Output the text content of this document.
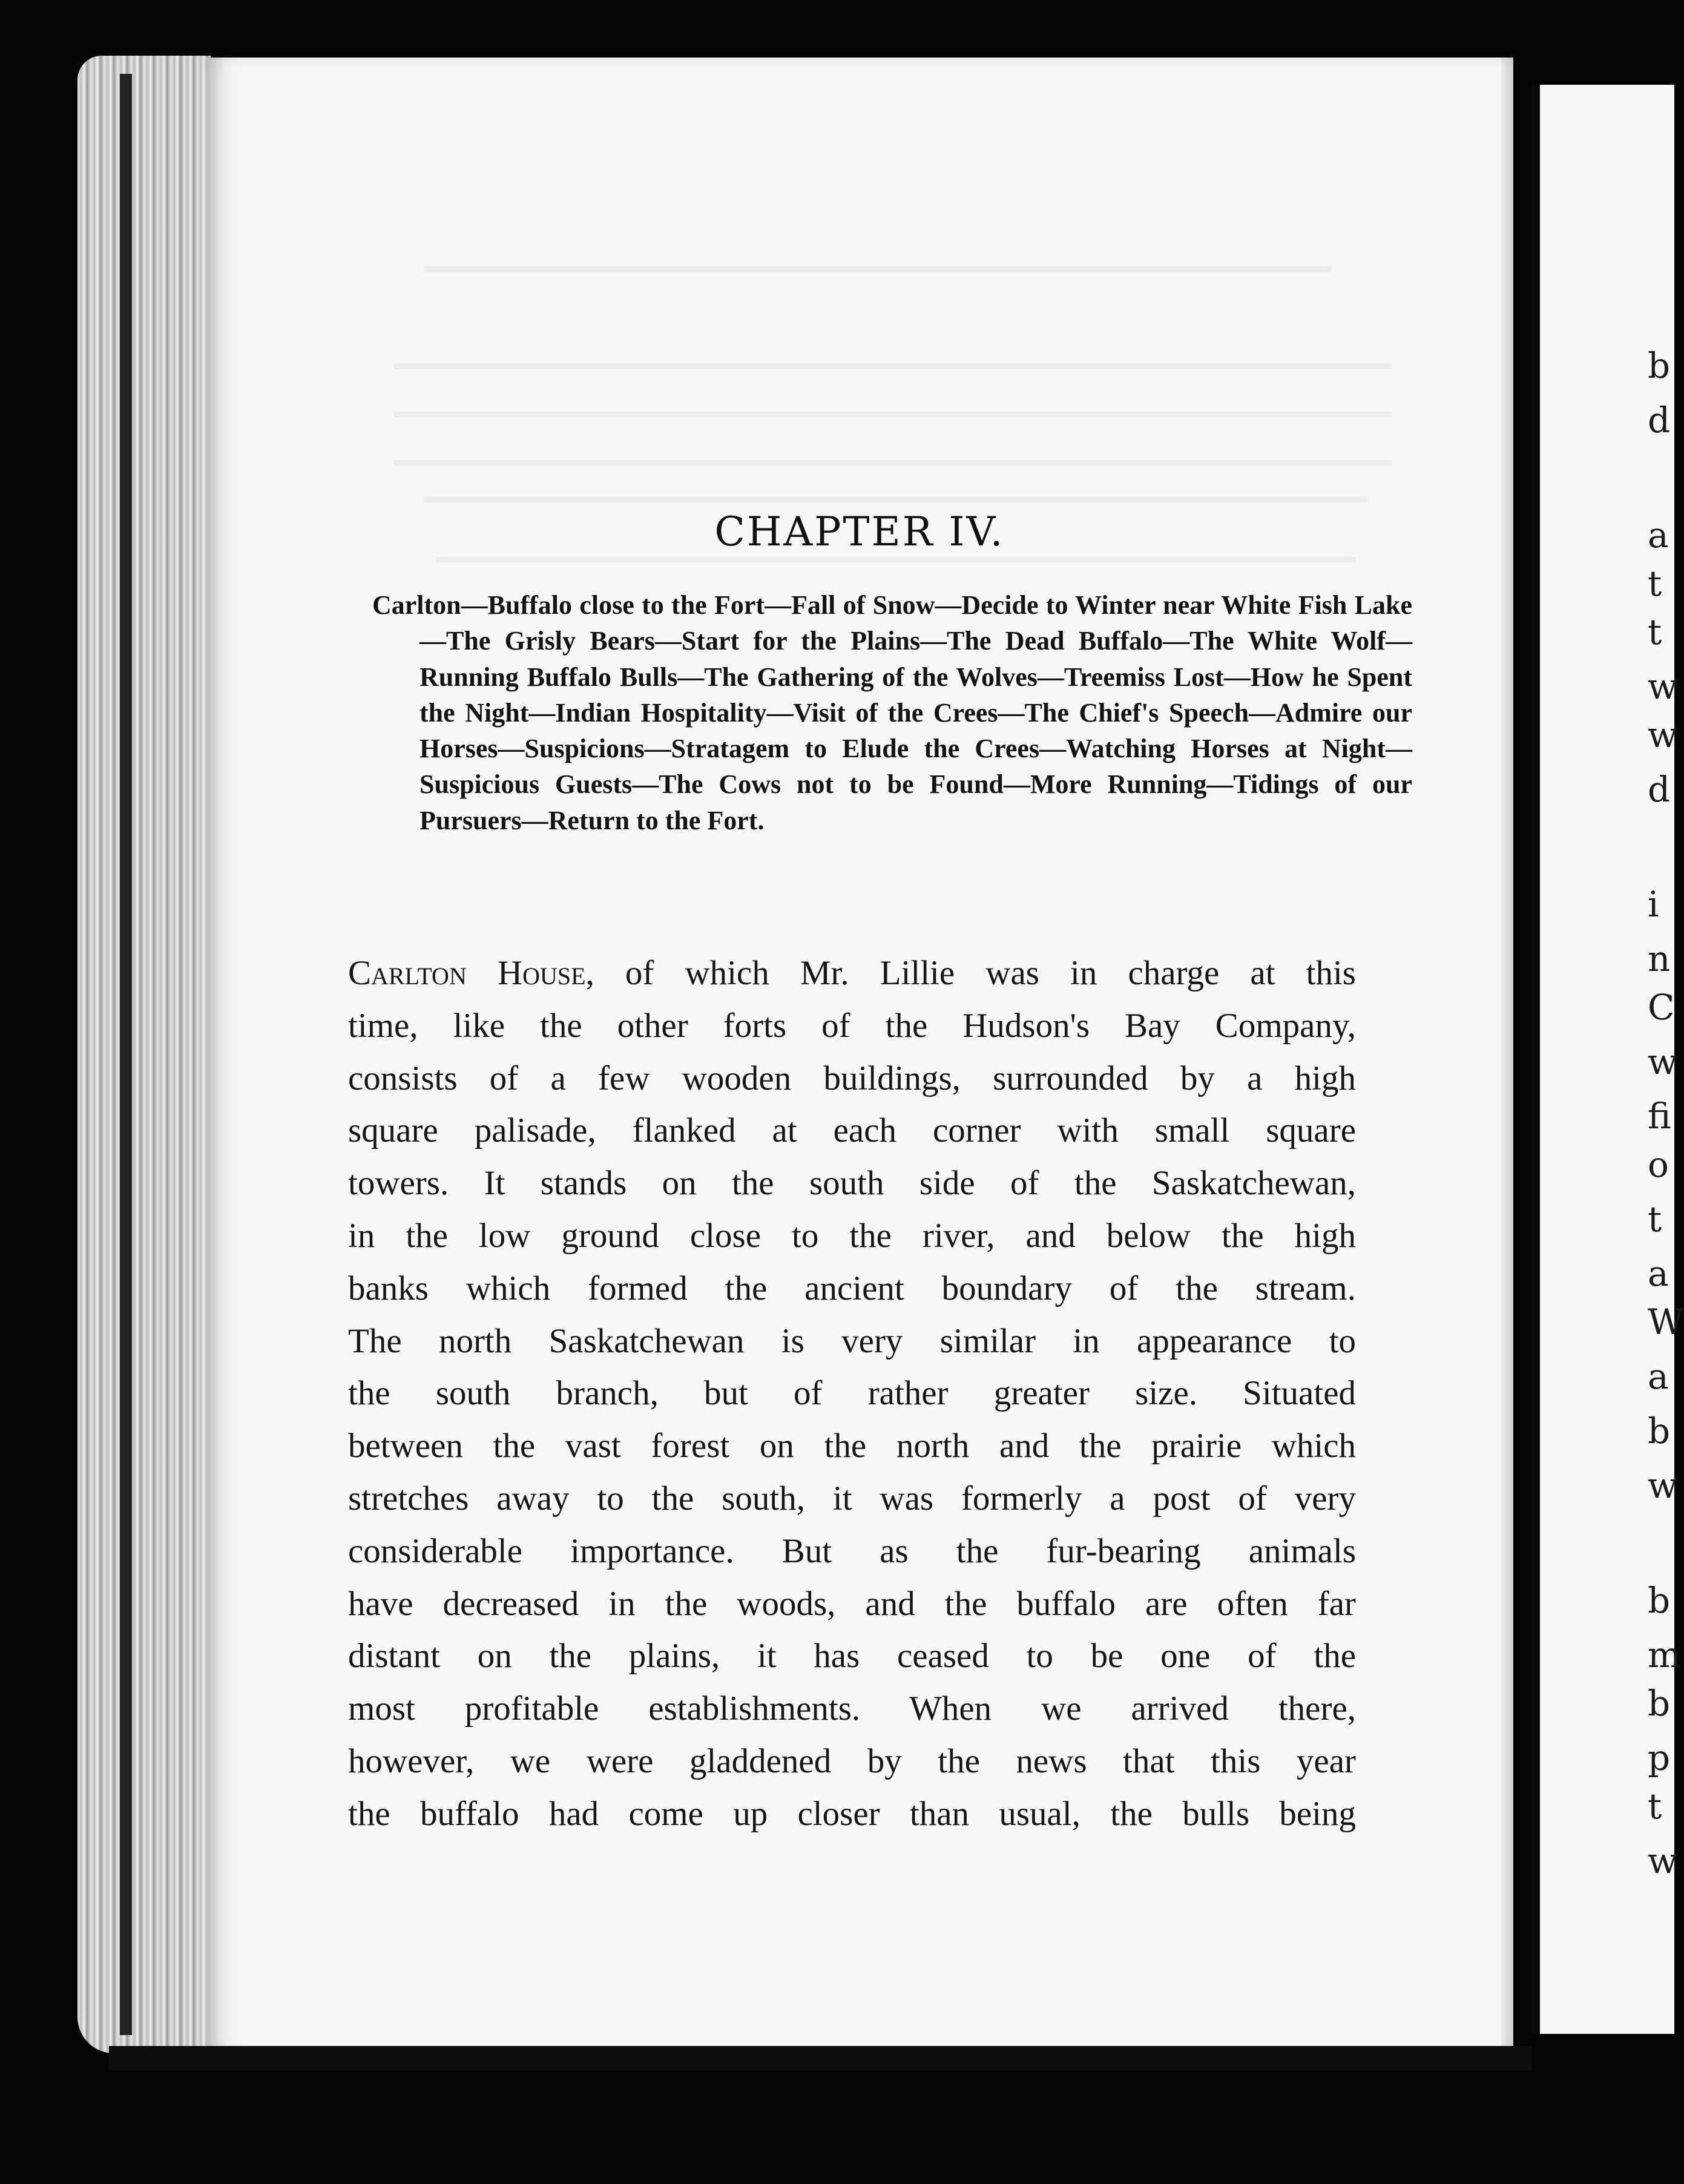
CHAPTER IV.

Carlton—Buffalo close to the Fort—Fall of Snow—Decide to Winter near White Fish Lake—The Grisly Bears—Start for the Plains—The Dead Buffalo—The White Wolf—Running Buffalo Bulls—The Gathering of the Wolves—Treemiss Lost—How he Spent the Night—Indian Hospitality—Visit of the Crees—The Chief's Speech—Admire our Horses—Suspicions—Stratagem to Elude the Crees—Watching Horses at Night—Suspicious Guests—The Cows not to be Found—More Running—Tidings of our Pursuers—Return to the Fort.

Carlton House, of which Mr. Lillie was in charge at this
time, like the other forts of the Hudson's Bay Company,
consists of a few wooden buildings, surrounded by a high
square palisade, flanked at each corner with small square
towers. It stands on the south side of the Saskatchewan,
in the low ground close to the river, and below the high
banks which formed the ancient boundary of the stream.
The north Saskatchewan is very similar in appearance to
the south branch, but of rather greater size. Situated
between the vast forest on the north and the prairie which
stretches away to the south, it was formerly a post of very
considerable importance. But as the fur-bearing animals
have decreased in the woods, and the buffalo are often far
distant on the plains, it has ceased to be one of the
most profitable establishments. When we arrived there,
however, we were gladdened by the news that this year
the buffalo had come up closer than usual, the bulls being
b
d
a
t
t
w
w
d
i
n
C
w
fi
o
t
a
W
a
b
w
b
m
b
p
t
w
